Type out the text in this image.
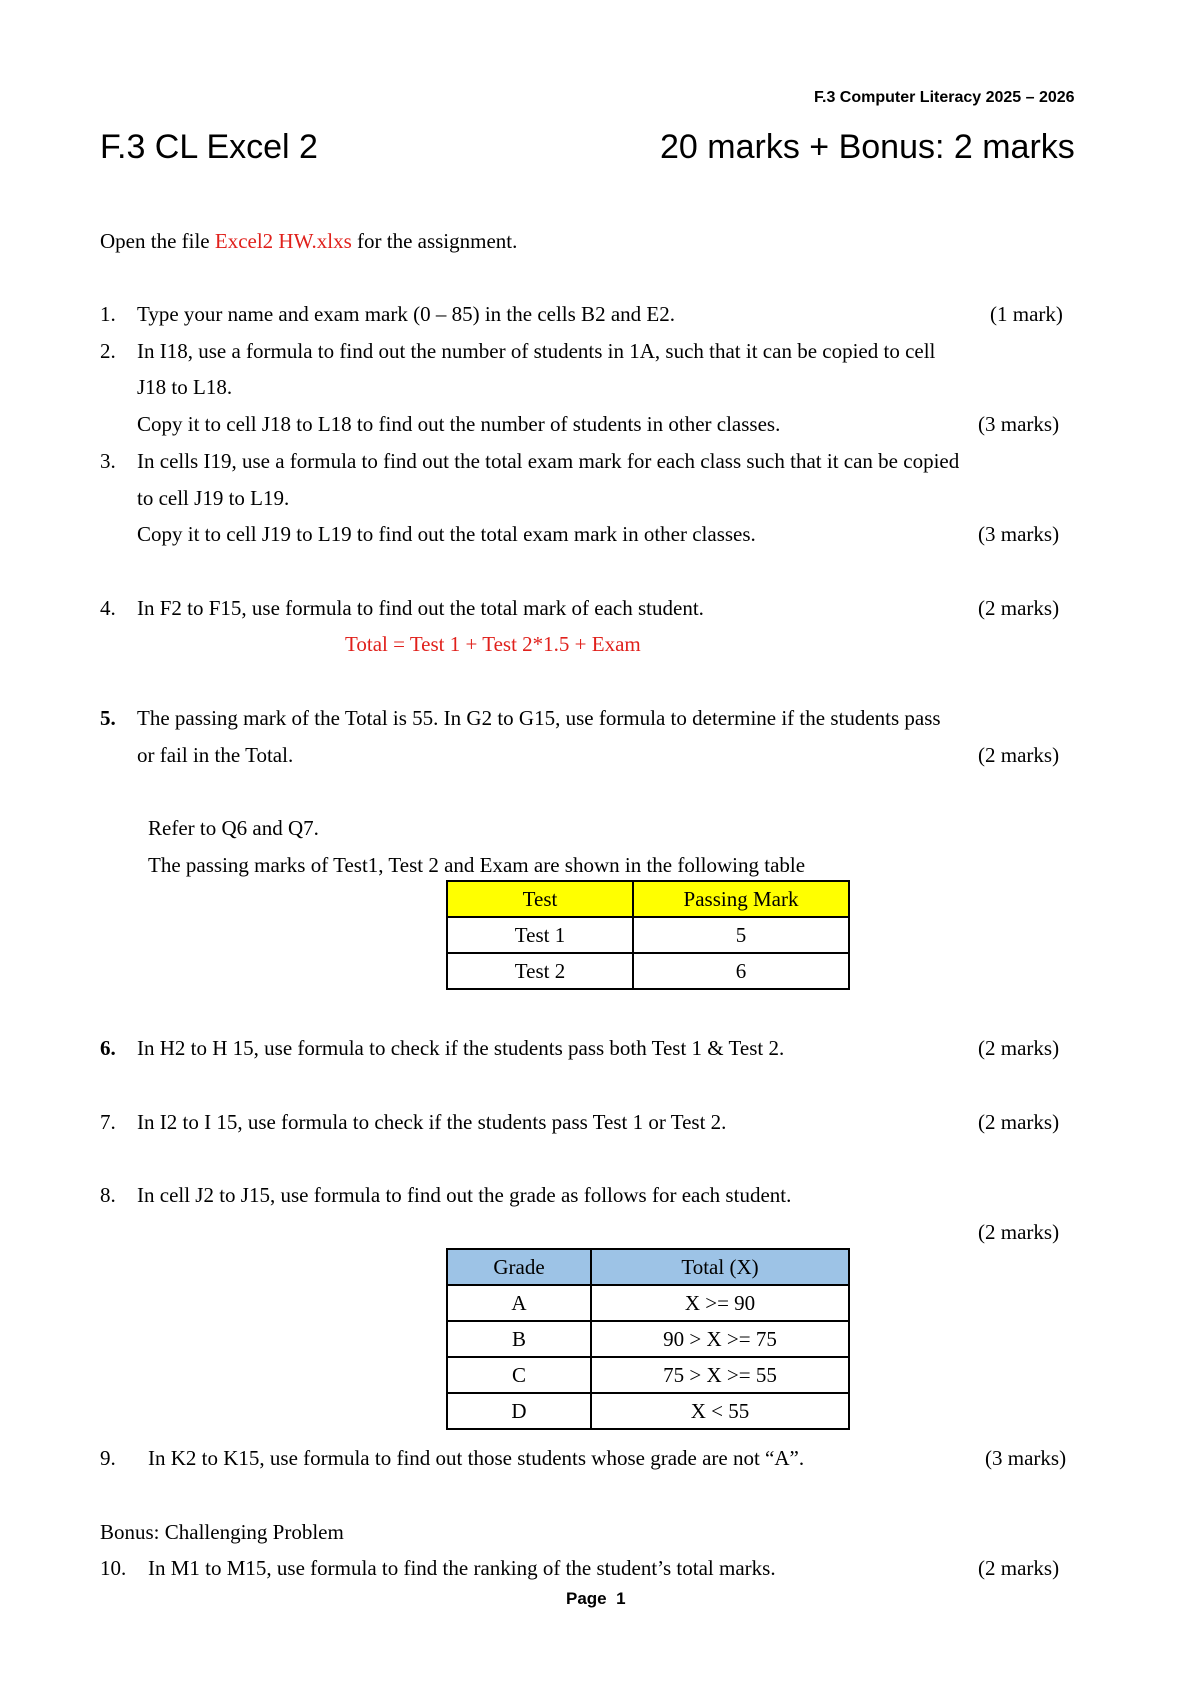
F.3 Computer Literacy 2025 – 2026
F.3 CL Excel 2	20 marks + Bonus: 2 marks
Open the file Excel2 HW.xlxs for the assignment.
1. Type your name and exam mark (0 – 85) in the cells B2 and E2.	(1 mark)
2. In I18, use a formula to find out the number of students in 1A, such that it can be copied to cell
J18 to L18.
Copy it to cell J18 to L18 to find out the number of students in other classes.	(3 marks)
3. In cells I19, use a formula to find out the total exam mark for each class such that it can be copied
to cell J19 to L19.
Copy it to cell J19 to L19 to find out the total exam mark in other classes.	(3 marks)
4. In F2 to F15, use formula to find out the total mark of each student.	(2 marks)
Total = Test 1 + Test 2*1.5 + Exam
5. The passing mark of the Total is 55. In G2 to G15, use formula to determine if the students pass
or fail in the Total.	(2 marks)
Refer to Q6 and Q7.
The passing marks of Test1, Test 2 and Exam are shown in the following table
Test	Passing Mark
Test 1	5
Test 2	6
6. In H2 to H 15, use formula to check if the students pass both Test 1 & Test 2.	(2 marks)
7. In I2 to I 15, use formula to check if the students pass Test 1 or Test 2.	(2 marks)
8. In cell J2 to J15, use formula to find out the grade as follows for each student.
(2 marks)
Grade	Total (X)
A	X >= 90
B	90 > X >= 75
C	75 > X >= 55
D	X < 55
9. In K2 to K15, use formula to find out those students whose grade are not “A”.	(3 marks)
Bonus: Challenging Problem
10. In M1 to M15, use formula to find the ranking of the student’s total marks.	(2 marks)
Page  1
